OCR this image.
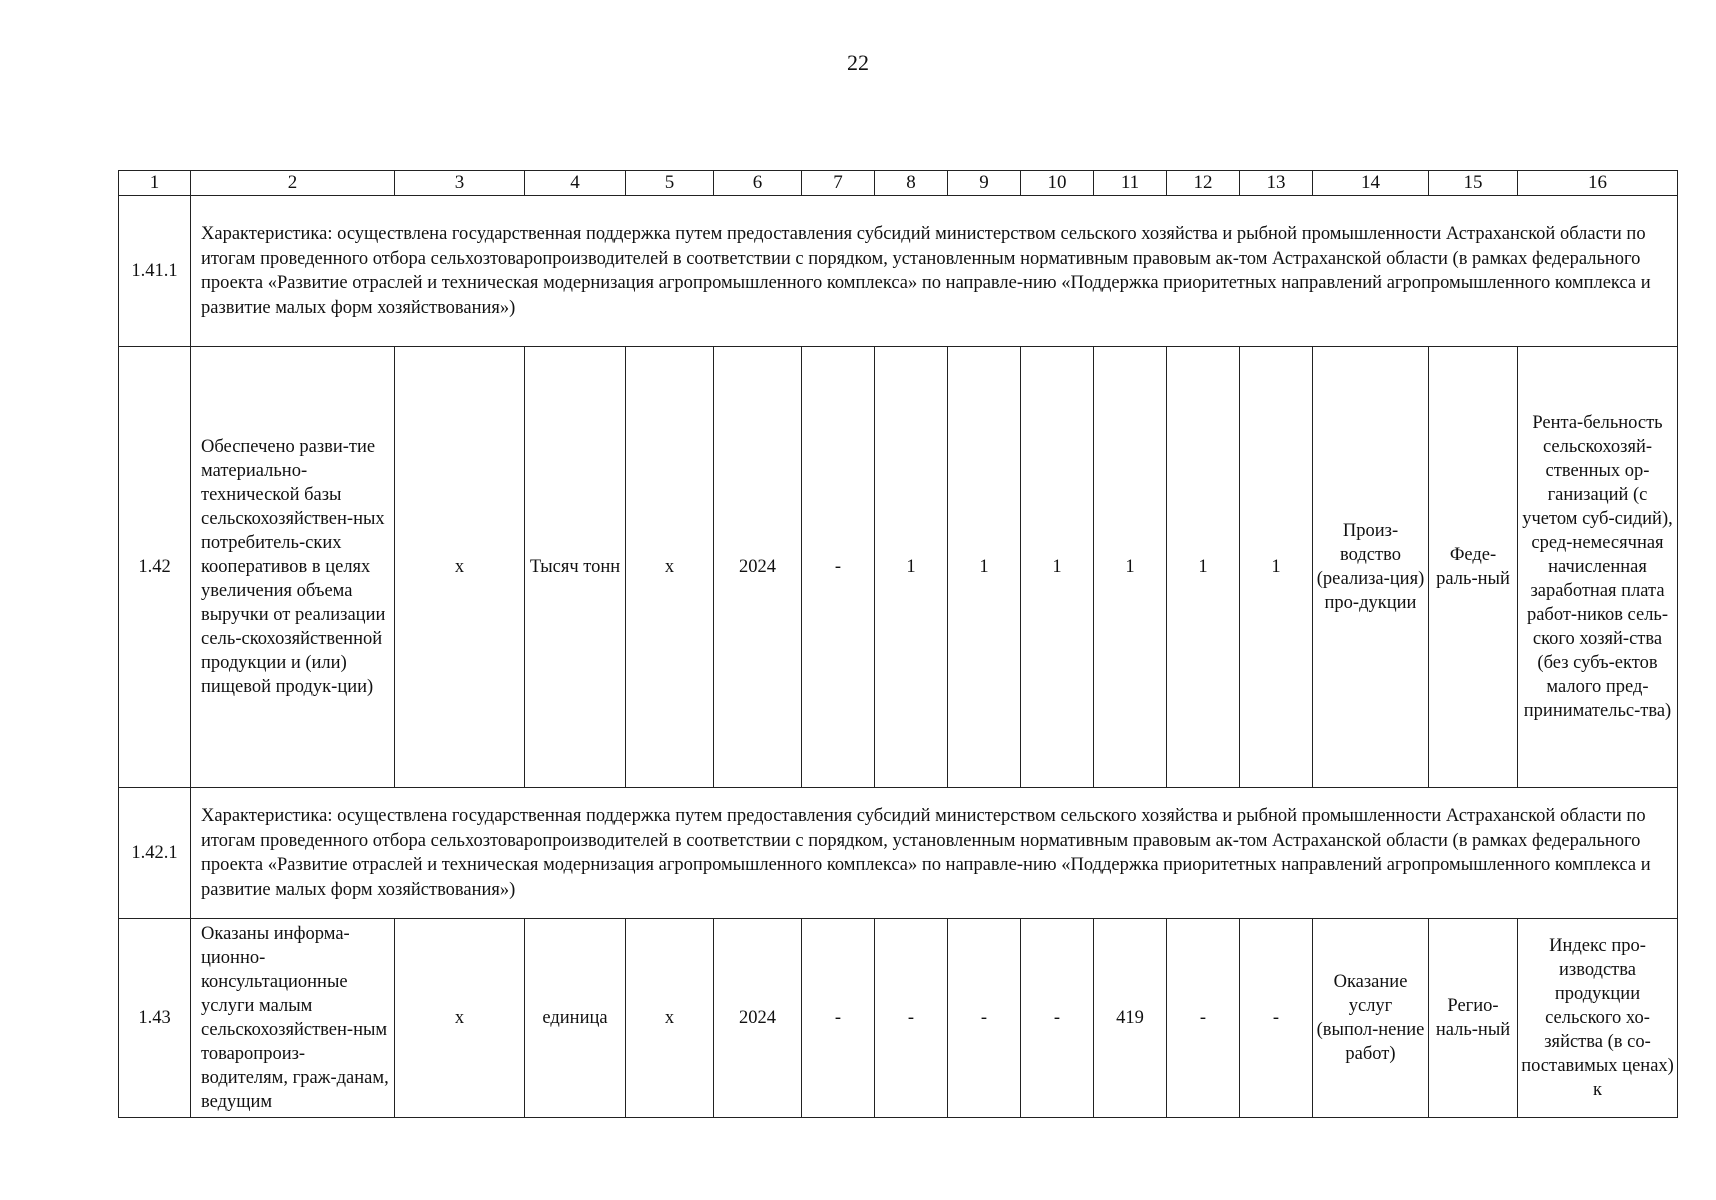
22
1	2	3	4	5	6	7	8	9	10	11	12	13	14	15	16
1.41.1	Характеристика: осуществлена государственная поддержка путем предоставления субсидий министерством сельского хозяйства и рыбной промышленности Астраханской области по итогам проведенного отбора сельхозтоваропроизводителей в соответствии с порядком, установленным нормативным правовым ак-том Астраханской области (в рамках федерального проекта «Развитие отраслей и техническая модернизация агропромышленного комплекса» по направле-нию «Поддержка приоритетных направлений агропромышленного комплекса и развитие малых форм хозяйствования»)														
1.42	Обеспечено разви-тие материально-технической базы сельскохозяйствен-ных потребитель-ских кооперативов в целях увеличения объема выручки от реализации сель-скохозяйственной продукции и (или) пищевой продук-ции)	х	Тысяч тонн	х	2024	-	1	1	1	1	1	1	Произ-водство (реализа-ция) про-дукции	Феде-раль-ный	Рента-бельность сельскохозяй-ственных ор-ганизаций (с учетом суб-сидий), сред-немесячная начисленная заработная плата работ-ников сель-ского хозяй-ства (без субъ-ектов малого пред-принимательс-тва)
1.42.1	Характеристика: осуществлена государственная поддержка путем предоставления субсидий министерством сельского хозяйства и рыбной промышленности Астраханской области по итогам проведенного отбора сельхозтоваропроизводителей в соответствии с порядком, установленным нормативным правовым ак-том Астраханской области (в рамках федерального проекта «Развитие отраслей и техническая модернизация агропромышленного комплекса» по направле-нию «Поддержка приоритетных направлений агропромышленного комплекса и развитие малых форм хозяйствования»)														
1.43	Оказаны информа-ционно-консультационные услуги малым сельскохозяйствен-ным товаропроиз-водителям, граж-данам, ведущим	х	единица	х	2024	-	-	-	-	419	-	-	Оказание услуг (выпол-нение работ)	Регио-наль-ный	Индекс про-изводства продукции сельского хо-зяйства (в со-поставимых ценах) к
